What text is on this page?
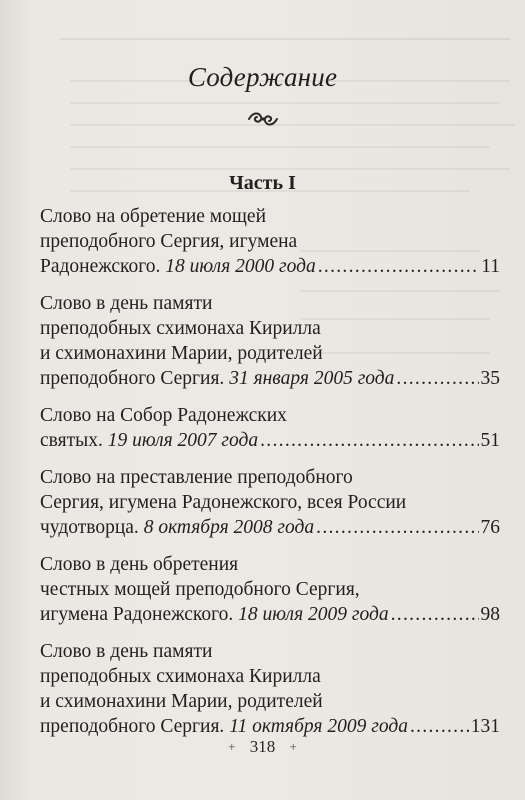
Содержание
Часть I
Слово на обретение мощей
преподобного Сергия, игумена
Радонежского. 18 июля 2000 года .....	11
Слово в день памяти
преподобных схимонаха Кирилла
и схимонахини Марии, родителей
преподобного Сергия. 31 января 2005 года .....	35
Слово на Собор Радонежских
святых. 19 июля 2007 года .....	51
Слово на преставление преподобного
Сергия, игумена Радонежского, всея России
чудотворца. 8 октября 2008 года .....	76
Слово в день обретения
честных мощей преподобного Сергия,
игумена Радонежского. 18 июля 2009 года .....	98
Слово в день памяти
преподобных схимонаха Кирилла
и схимонахини Марии, родителей
преподобного Сергия. 11 октября 2009 года .....	131
+ 318 +
